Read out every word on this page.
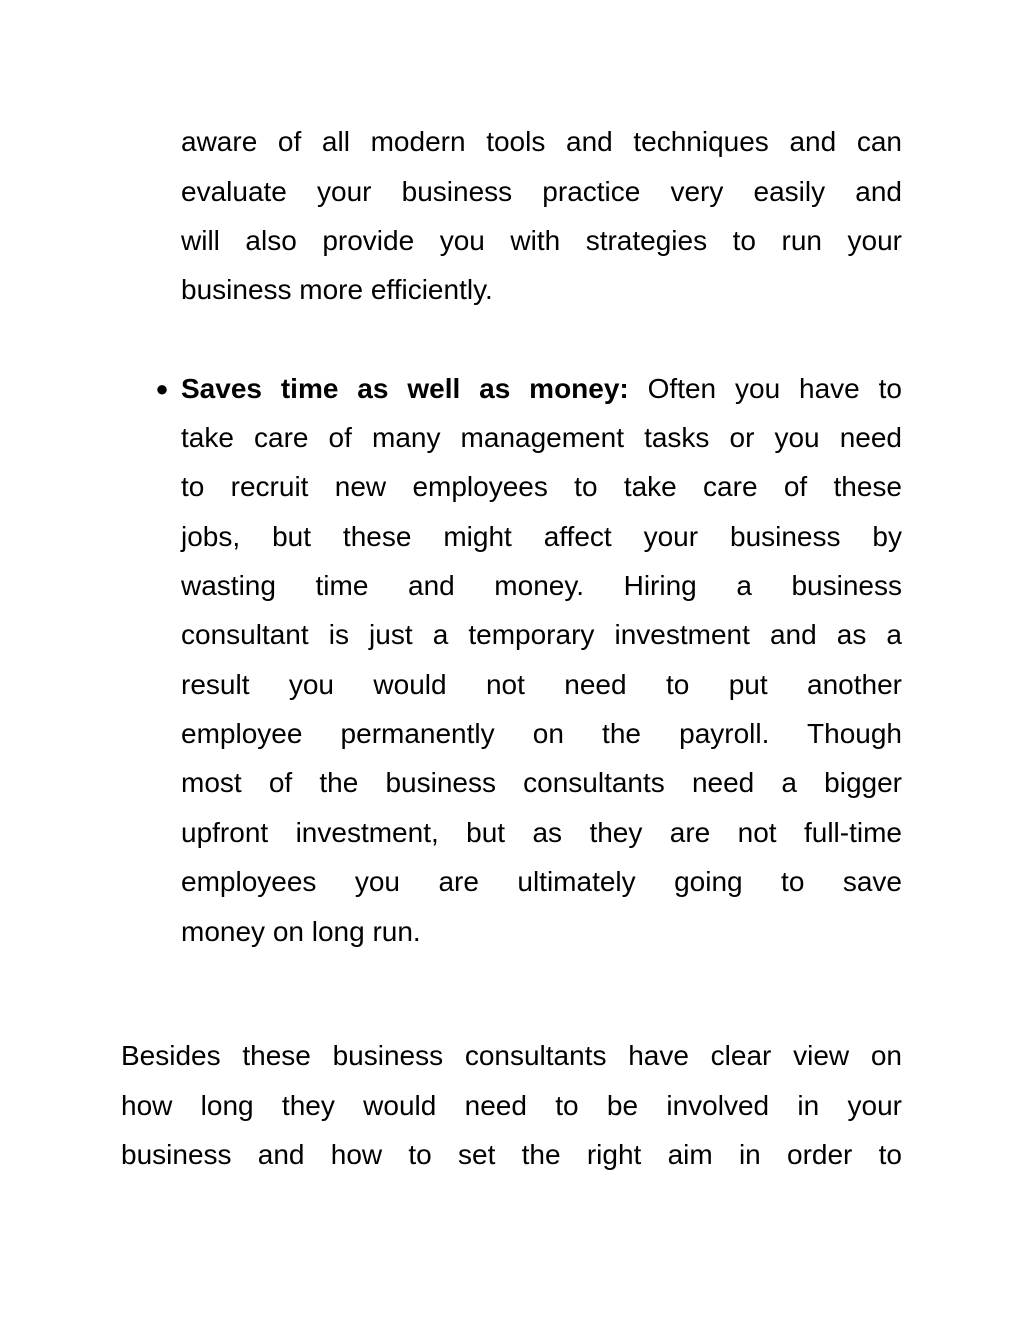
aware of all modern tools and techniques and can
evaluate your business practice very easily and
will also provide you with strategies to run your
business more efficiently.
● Saves time as well as money: Often you have to
take care of many management tasks or you need
to recruit new employees to take care of these
jobs, but these might affect your business by
wasting time and money. Hiring a business
consultant is just a temporary investment and as a
result you would not need to put another
employee permanently on the payroll. Though
most of the business consultants need a bigger
upfront investment, but as they are not full-time
employees you are ultimately going to save
money on long run.
Besides these business consultants have clear view on
how long they would need to be involved in your
business and how to set the right aim in order to
